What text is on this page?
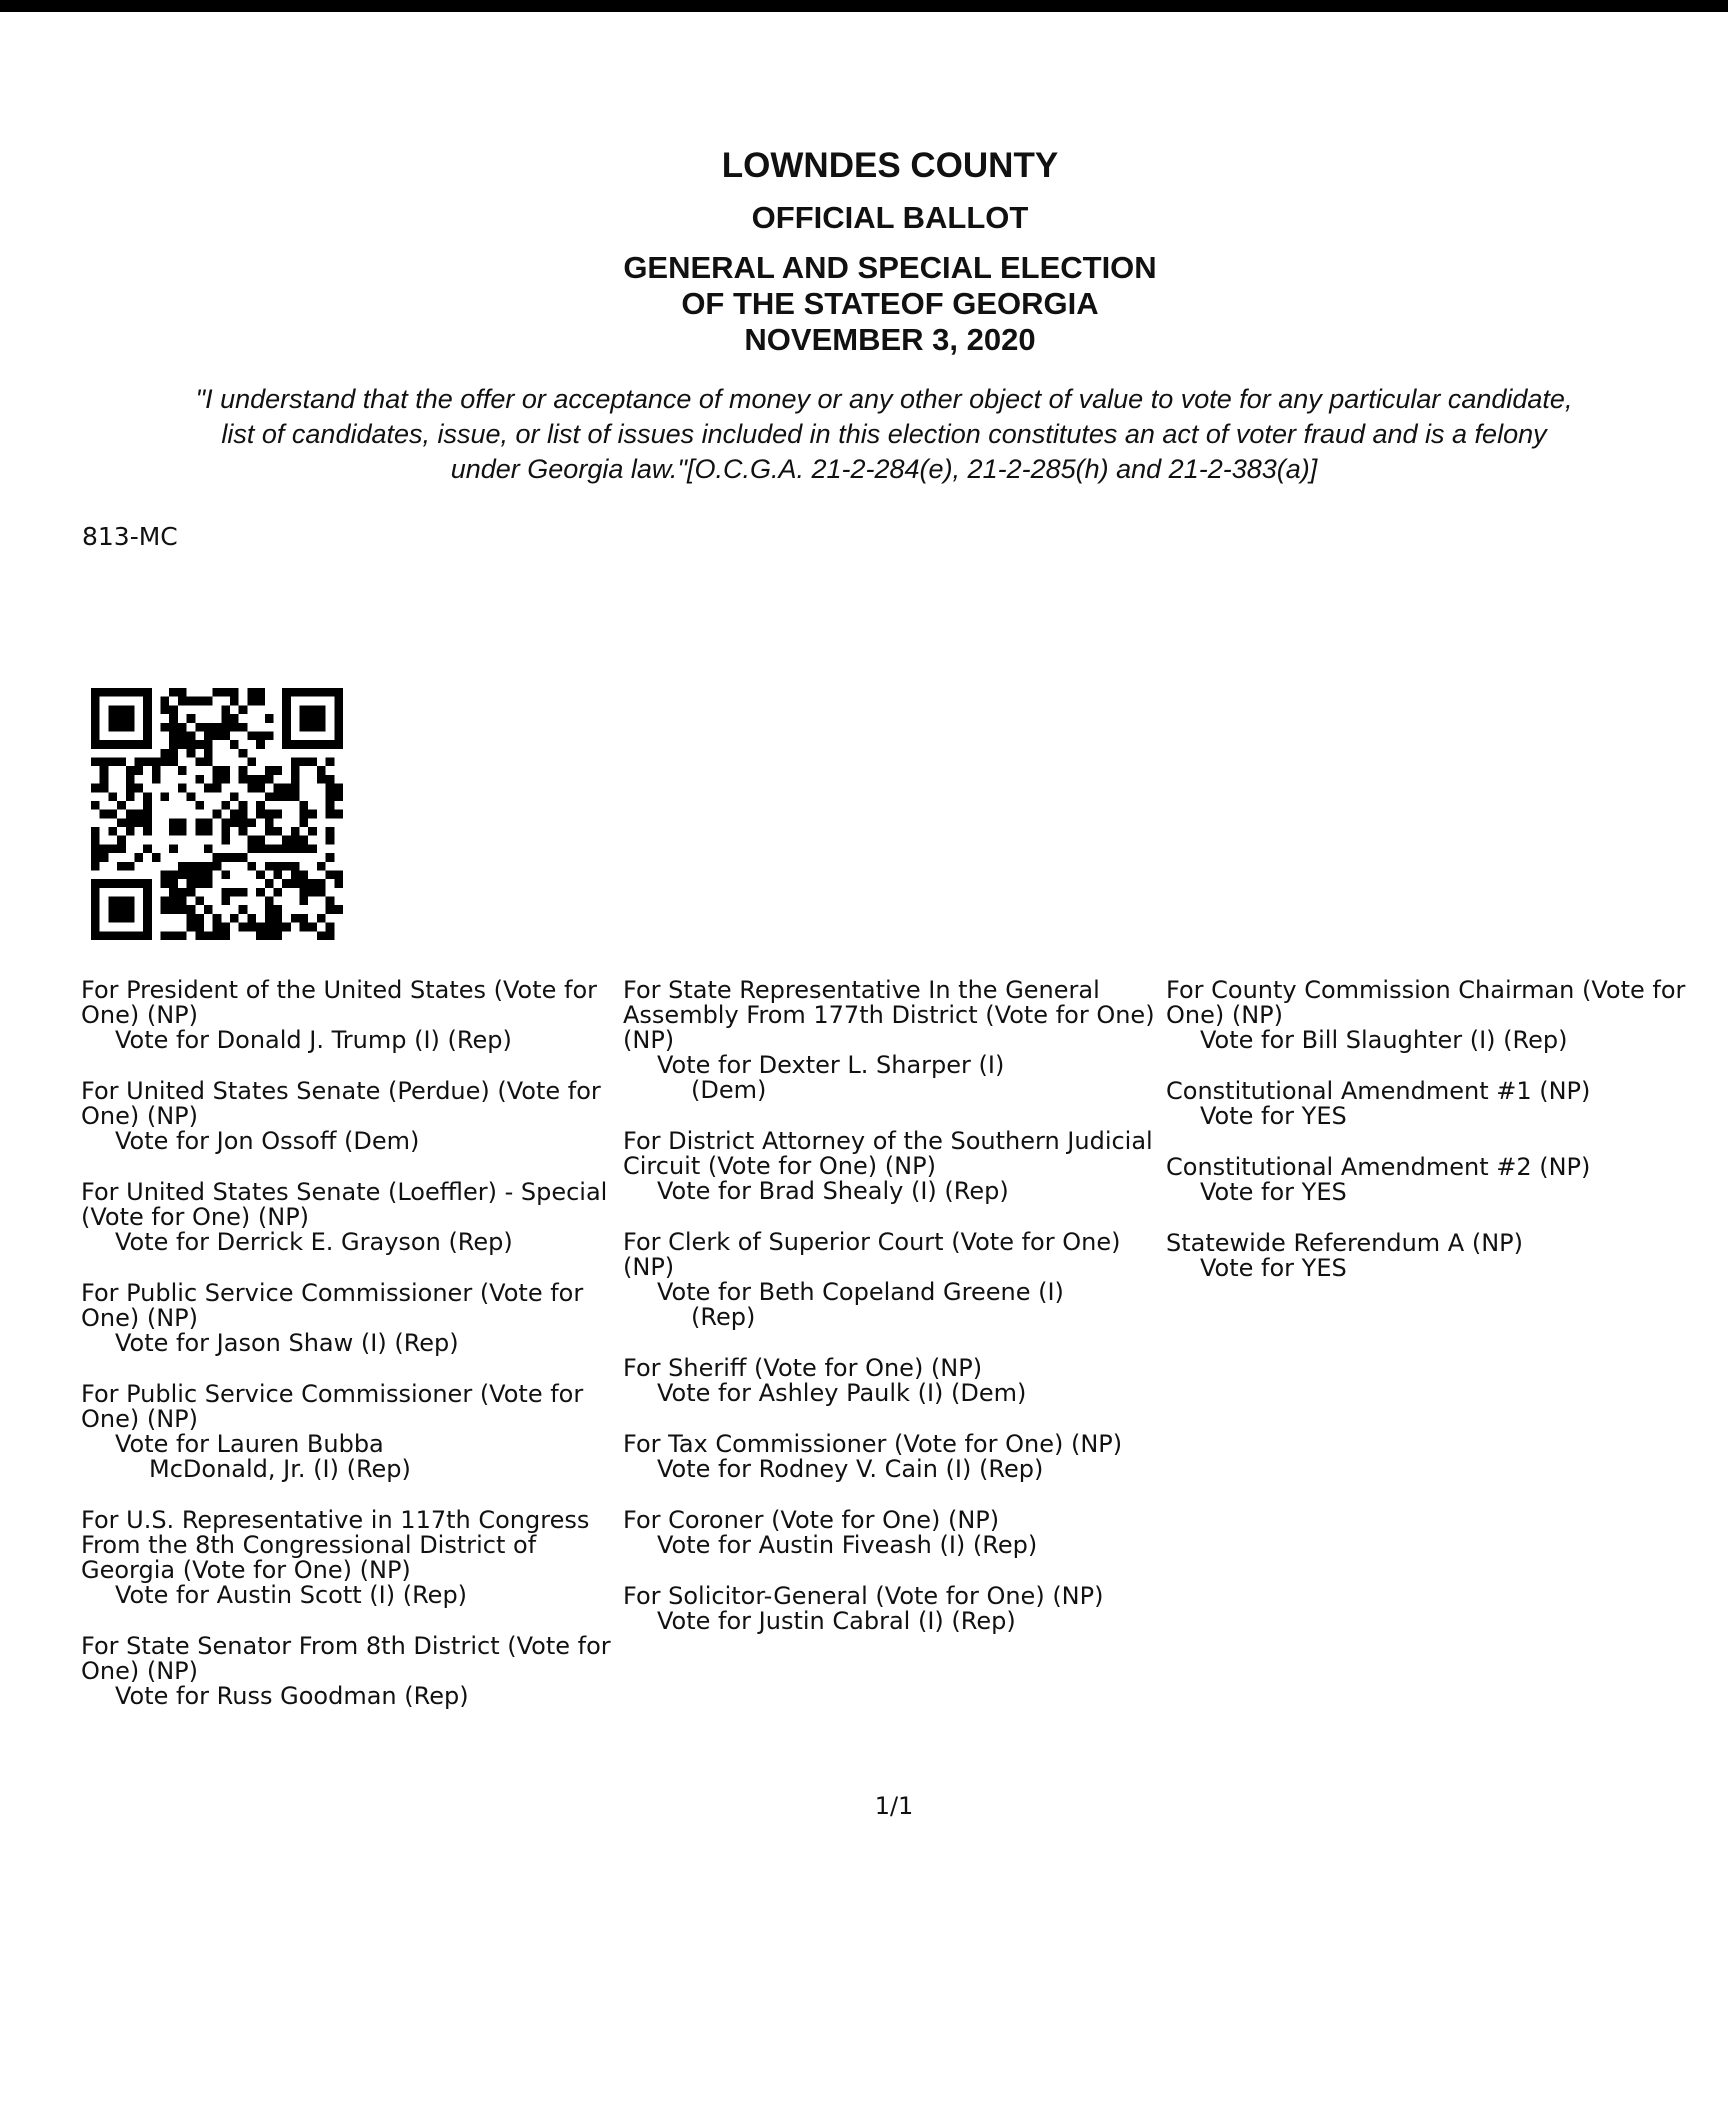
LOWNDES COUNTY
OFFICIAL BALLOT
GENERAL AND SPECIAL ELECTION
OF THE STATEOF GEORGIA
NOVEMBER 3, 2020
"I understand that the offer or acceptance of money or any other object of value to vote for any particular candidate,
list of candidates, issue, or list of issues included in this election constitutes an act of voter fraud and is a felony
under Georgia law."[O.C.G.A. 21-2-284(e), 21-2-285(h) and 21-2-383(a)]
813-MC
For President of the United States (Vote for One) (NP)
Vote for Donald J. Trump (I) (Rep)
For United States Senate (Perdue) (Vote for One) (NP)
Vote for Jon Ossoff (Dem)
For United States Senate (Loeffler) - Special (Vote for One) (NP)
Vote for Derrick E. Grayson (Rep)
For Public Service Commissioner (Vote for One) (NP)
Vote for Jason Shaw (I) (Rep)
For Public Service Commissioner (Vote for One) (NP)
Vote for Lauren Bubba
McDonald, Jr. (I) (Rep)
For U.S. Representative in 117th Congress From the 8th Congressional District of Georgia (Vote for One) (NP)
Vote for Austin Scott (I) (Rep)
For State Senator From 8th District (Vote for One) (NP)
Vote for Russ Goodman (Rep)
For State Representative In the General Assembly From 177th District (Vote for One) (NP)
Vote for Dexter L. Sharper (I)
(Dem)
For District Attorney of the Southern Judicial Circuit (Vote for One) (NP)
Vote for Brad Shealy (I) (Rep)
For Clerk of Superior Court (Vote for One) (NP)
Vote for Beth Copeland Greene (I)
(Rep)
For Sheriff (Vote for One) (NP)
Vote for Ashley Paulk (I) (Dem)
For Tax Commissioner (Vote for One) (NP)
Vote for Rodney V. Cain (I) (Rep)
For Coroner (Vote for One) (NP)
Vote for Austin Fiveash (I) (Rep)
For Solicitor-General (Vote for One) (NP)
Vote for Justin Cabral (I) (Rep)
For County Commission Chairman (Vote for One) (NP)
Vote for Bill Slaughter (I) (Rep)
Constitutional Amendment #1 (NP)
Vote for YES
Constitutional Amendment #2 (NP)
Vote for YES
Statewide Referendum A (NP)
Vote for YES
1/1
